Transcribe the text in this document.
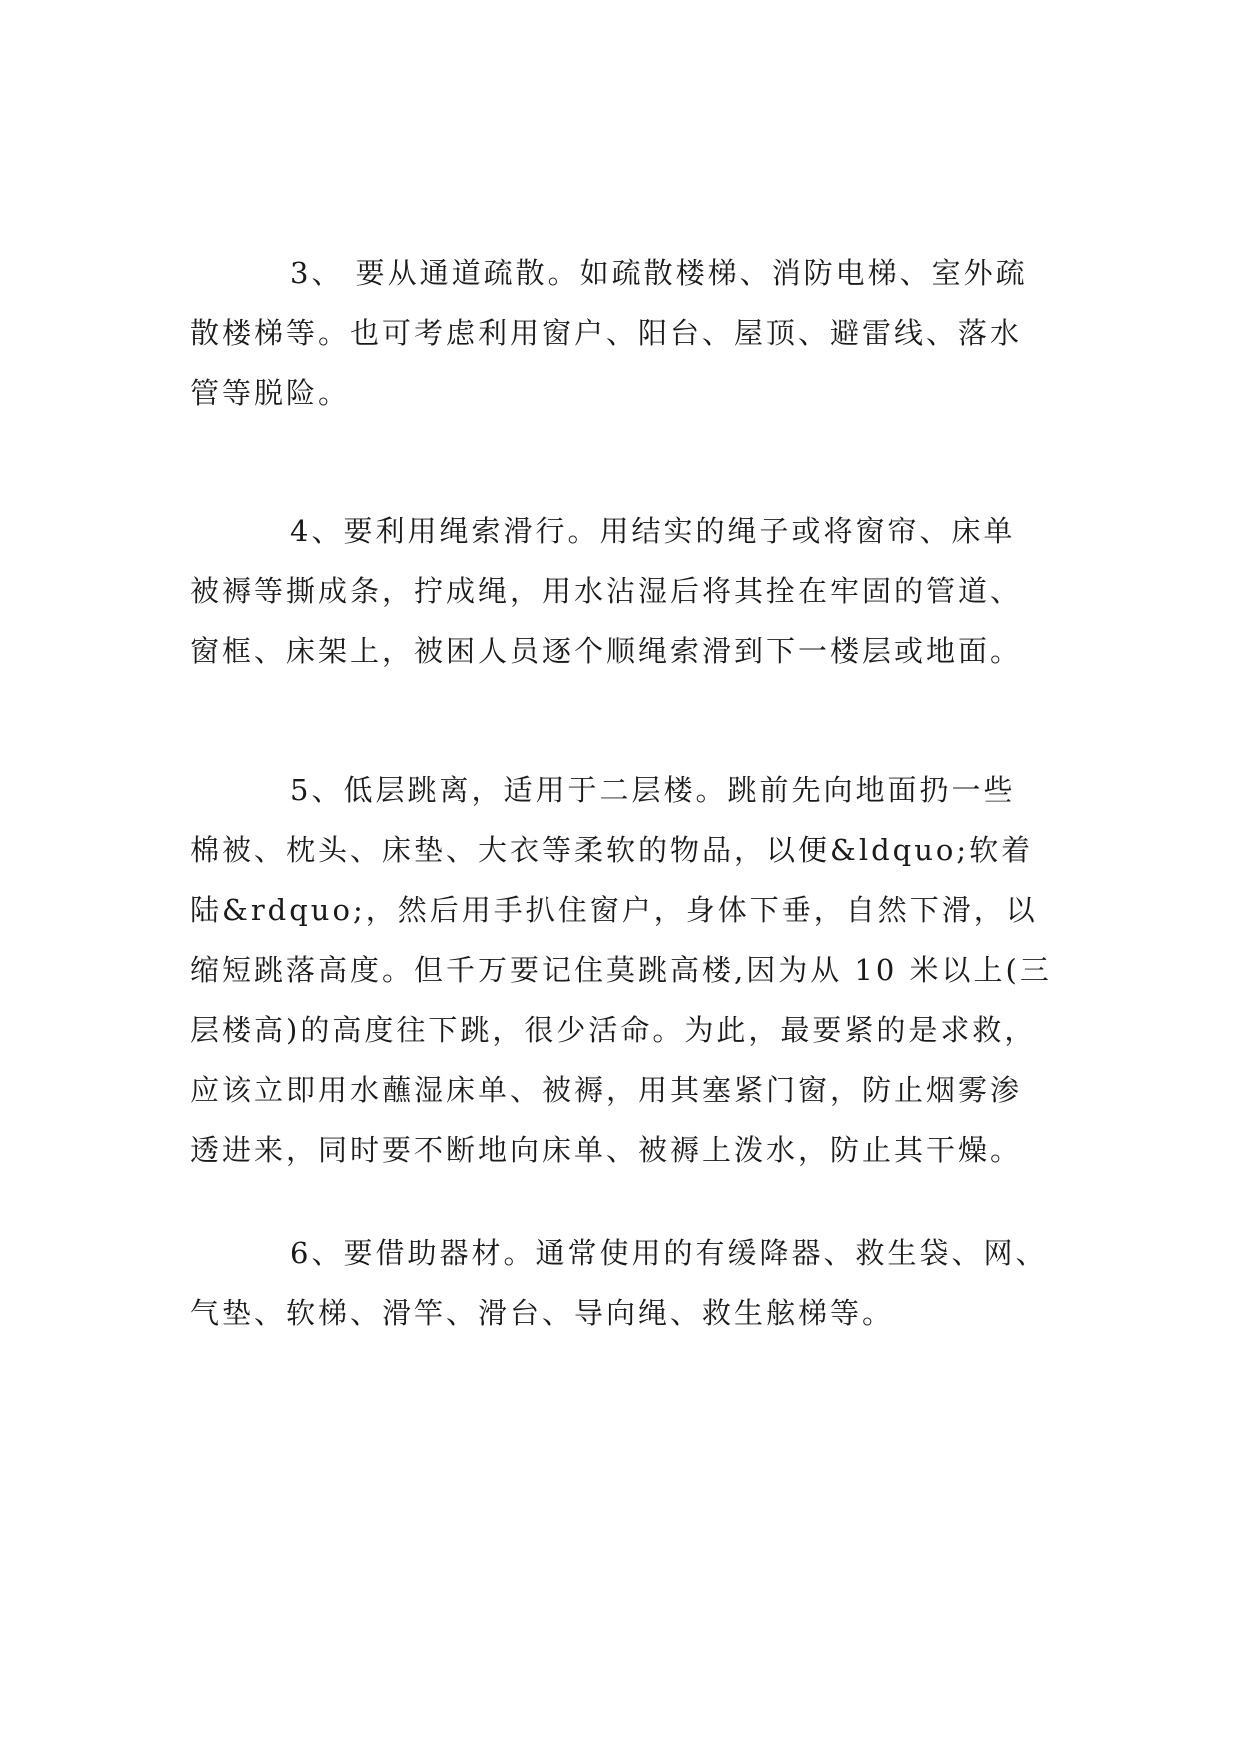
3、 要从通道疏散。如疏散楼梯、消防电梯、室外疏
散楼梯等。也可考虑利用窗户、阳台、屋顶、避雷线、落水
管等脱险。

4、要利用绳索滑行。用结实的绳子或将窗帘、床单
被褥等撕成条，拧成绳，用水沾湿后将其拴在牢固的管道、
窗框、床架上，被困人员逐个顺绳索滑到下一楼层或地面。

5、低层跳离，适用于二层楼。跳前先向地面扔一些
棉被、枕头、床垫、大衣等柔软的物品，以便&ldquo;软着
陆&rdquo;，然后用手扒住窗户，身体下垂，自然下滑，以
缩短跳落高度。但千万要记住莫跳高楼,因为从 10 米以上(三
层楼高)的高度往下跳，很少活命。为此，最要紧的是求救，
应该立即用水蘸湿床单、被褥，用其塞紧门窗，防止烟雾渗
透进来，同时要不断地向床单、被褥上泼水，防止其干燥。

6、要借助器材。通常使用的有缓降器、救生袋、网、
气垫、软梯、滑竿、滑台、导向绳、救生舷梯等。
